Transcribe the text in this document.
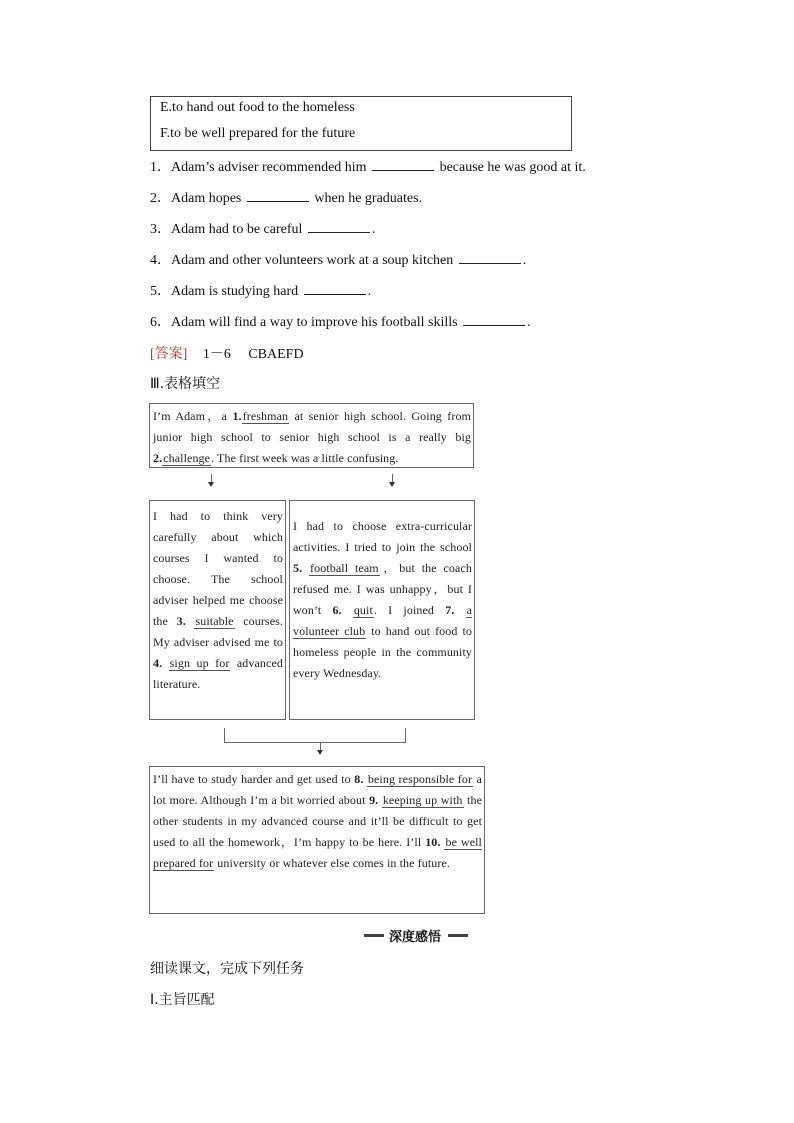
E.to hand out food to the homeless
F.to be well prepared for the future
1．Adam’s adviser recommended him	because he was good at it.
2．Adam hopes	when he graduates.
3．Adam had to be careful	.
4．Adam and other volunteers work at a soup kitchen	.
5．Adam is studying hard	.
6．Adam will find a way to improve his football skills	.
[答案] 1－6 CBAEFD
Ⅲ.表格填空
I’m Adam，a 1.freshman at senior high school. Going from junior high school to senior high school is a really big 2.challenge. The first week was a little confusing.
I had to think very carefully about which courses I wanted to choose. The school adviser helped me choose the 3. suitable courses. My adviser advised me to 4. sign up for advanced literature.
I had to choose extra-curricular activities. I tried to join the school 5. football team，but the coach refused me. I was unhappy，but I won’t 6. quit. I joined 7. a volunteer club to hand out food to homeless people in the community every Wednesday.
I’ll have to study harder and get used to 8. being responsible for a lot more. Although I’m a bit worried about 9. keeping up with the other students in my advanced course and it’ll be difficult to get used to all the homework，I’m happy to be here. I’ll 10. be well prepared for university or whatever else comes in the future.
深度感悟
细读课文，完成下列任务
Ⅰ.主旨匹配
